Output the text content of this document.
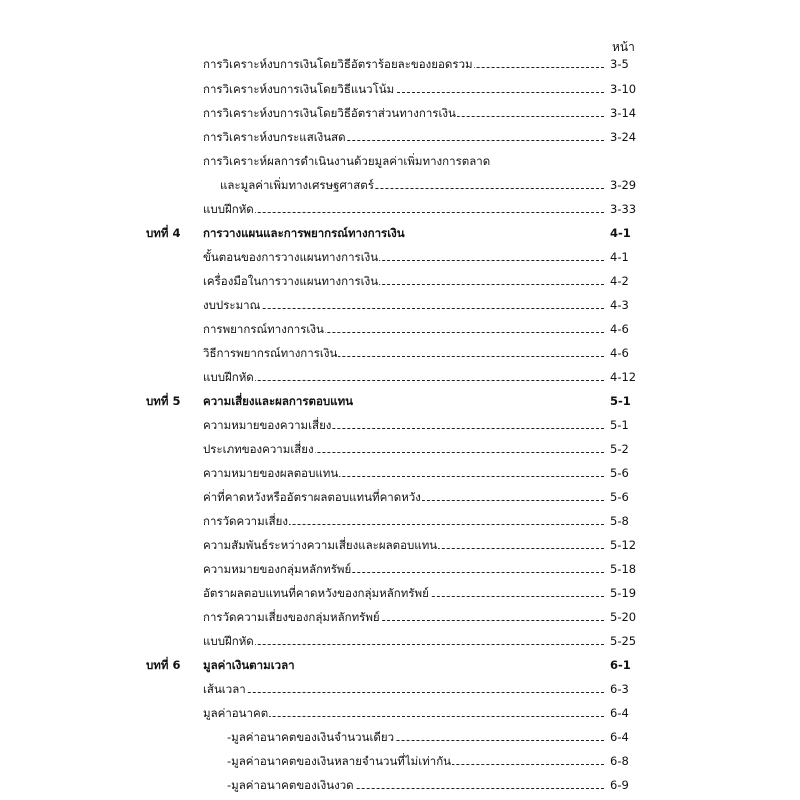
หน้า
การวิเคราะห์งบการเงินโดยวิธีอัตราร้อยละของยอดรวม	3-5
การวิเคราะห์งบการเงินโดยวิธีแนวโน้ม	3-10
การวิเคราะห์งบการเงินโดยวิธีอัตราส่วนทางการเงิน	3-14
การวิเคราะห์งบกระแสเงินสด	3-24
การวิเคราะห์ผลการดำเนินงานด้วยมูลค่าเพิ่มทางการตลาด
และมูลค่าเพิ่มทางเศรษฐศาสตร์	3-29
แบบฝึกหัด	3-33
บทที่ 4 การวางแผนและการพยากรณ์ทางการเงิน	4-1
ขั้นตอนของการวางแผนทางการเงิน	4-1
เครื่องมือในการวางแผนทางการเงิน	4-2
งบประมาณ	4-3
การพยากรณ์ทางการเงิน	4-6
วิธีการพยากรณ์ทางการเงิน	4-6
แบบฝึกหัด	4-12
บทที่ 5 ความเสี่ยงและผลการตอบแทน	5-1
ความหมายของความเสี่ยง	5-1
ประเภทของความเสี่ยง	5-2
ความหมายของผลตอบแทน	5-6
ค่าที่คาดหวังหรืออัตราผลตอบแทนที่คาดหวัง	5-6
การวัดความเสี่ยง	5-8
ความสัมพันธ์ระหว่างความเสี่ยงและผลตอบแทน	5-12
ความหมายของกลุ่มหลักทรัพย์	5-18
อัตราผลตอบแทนที่คาดหวังของกลุ่มหลักทรัพย์	5-19
การวัดความเสี่ยงของกลุ่มหลักทรัพย์	5-20
แบบฝึกหัด	5-25
บทที่ 6 มูลค่าเงินตามเวลา	6-1
เส้นเวลา	6-3
มูลค่าอนาคต	6-4
-มูลค่าอนาคตของเงินจำนวนเดียว	6-4
-มูลค่าอนาคตของเงินหลายจำนวนที่ไม่เท่ากัน	6-8
-มูลค่าอนาคตของเงินงวด	6-9
